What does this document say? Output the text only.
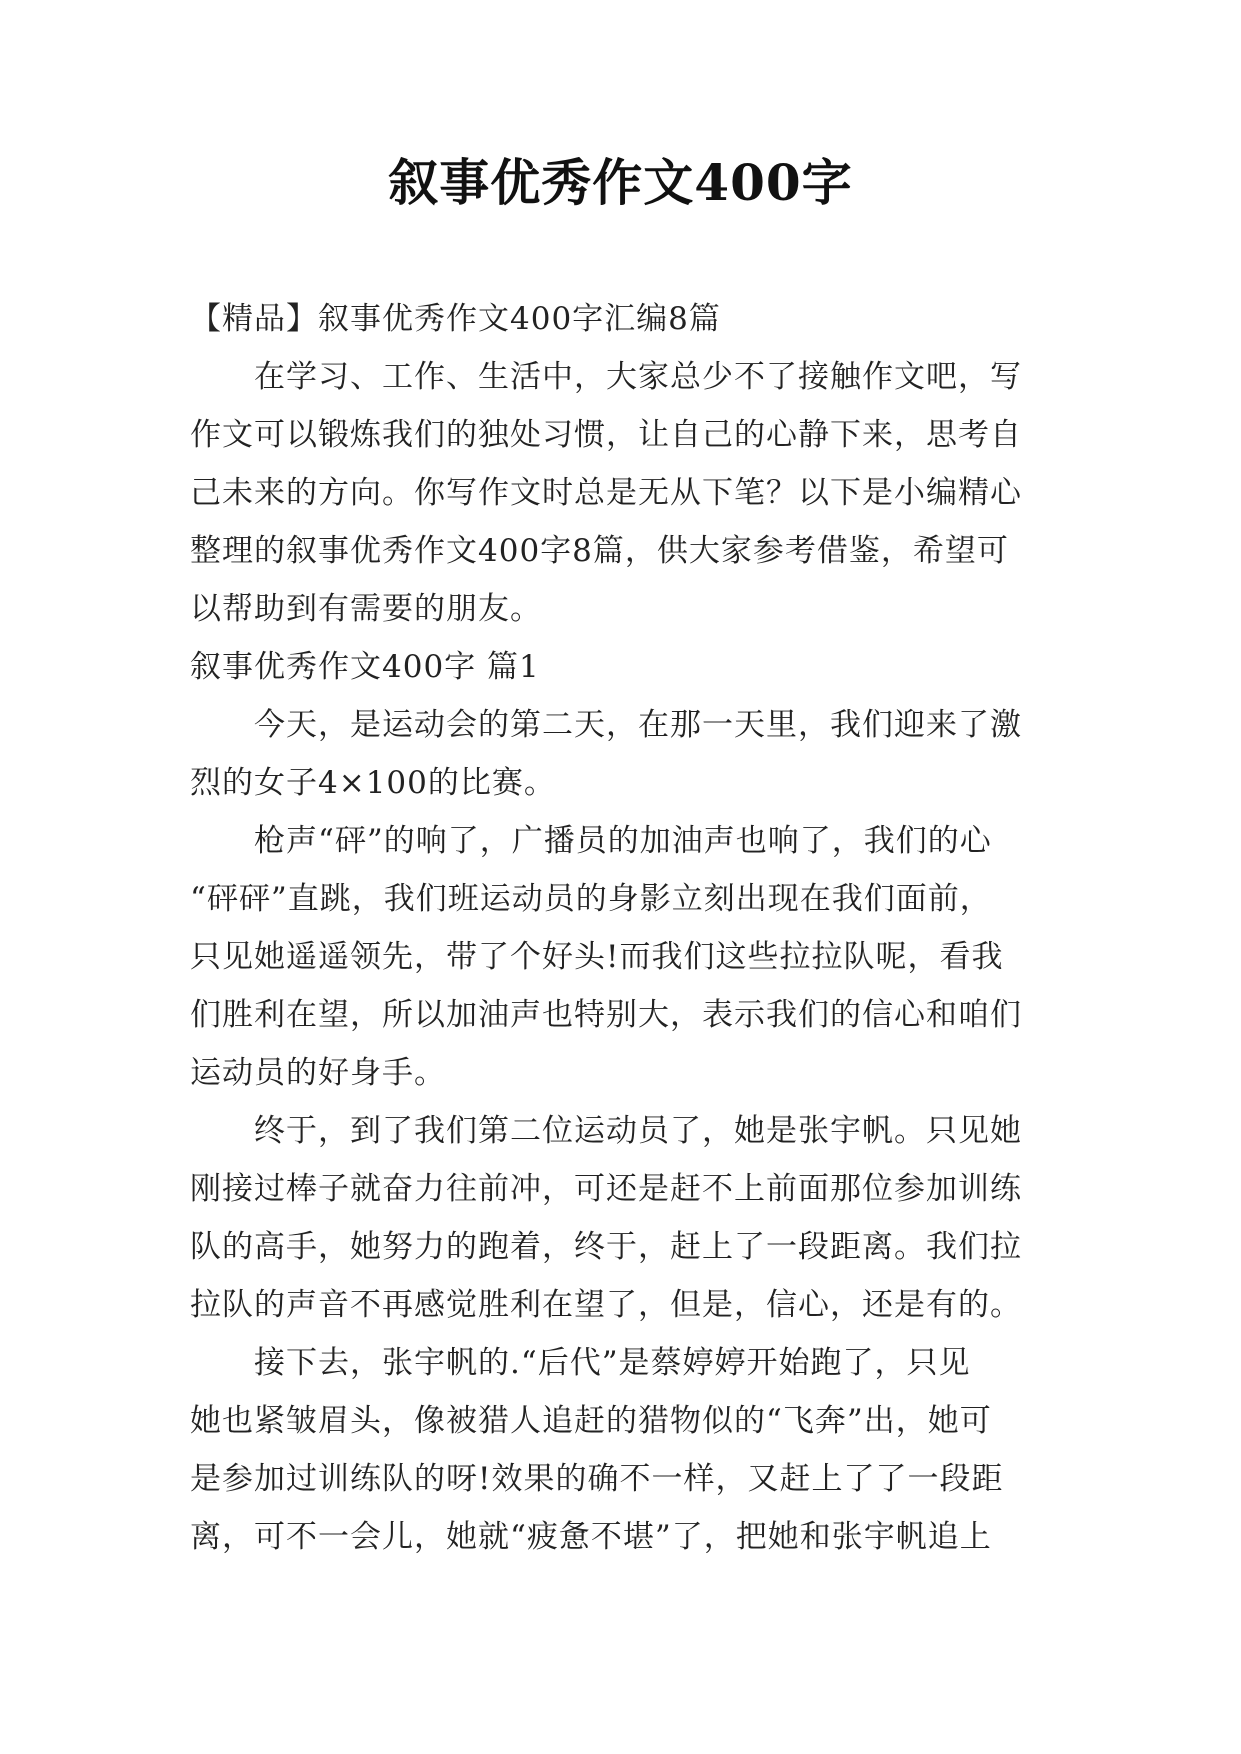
叙事优秀作文400字
【精品】叙事优秀作文400字汇编8篇
在学习、工作、生活中，大家总少不了接触作文吧，写
作文可以锻炼我们的独处习惯，让自己的心静下来，思考自
己未来的方向。你写作文时总是无从下笔？以下是小编精心
整理的叙事优秀作文400字8篇，供大家参考借鉴，希望可
以帮助到有需要的朋友。
叙事优秀作文400字 篇1
今天，是运动会的第二天，在那一天里，我们迎来了激
烈的女子4×100的比赛。
枪声“砰”的响了，广播员的加油声也响了，我们的心
“砰砰”直跳，我们班运动员的身影立刻出现在我们面前，
只见她遥遥领先，带了个好头!而我们这些拉拉队呢，看我
们胜利在望，所以加油声也特别大，表示我们的信心和咱们
运动员的好身手。
终于，到了我们第二位运动员了，她是张宇帆。只见她
刚接过棒子就奋力往前冲，可还是赶不上前面那位参加训练
队的高手，她努力的跑着，终于，赶上了一段距离。我们拉
拉队的声音不再感觉胜利在望了，但是，信心，还是有的。
接下去，张宇帆的.“后代”是蔡婷婷开始跑了，只见
她也紧皱眉头，像被猎人追赶的猎物似的“飞奔”出，她可
是参加过训练队的呀!效果的确不一样，又赶上了了一段距
离，可不一会儿，她就“疲惫不堪”了，把她和张宇帆追上
